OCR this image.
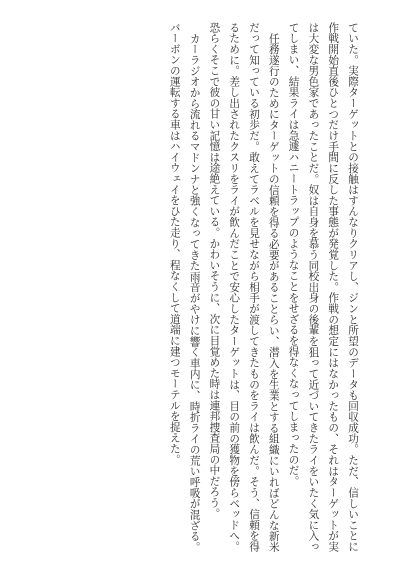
ていた。実際ターゲットとの接触はすんなりクリアし、ジンと所望のデータも回収成功。ただ、信しいことに作戦開始直後ひとつだけ手間に反した事態が発覚した。作戦の想定にはなかったもの、それはターゲットが実は大変な男色家であったことだ。奴は自身を慕う同校出身の後輩を狙って近づいてきたライをいたく気に入ってしまい、結果ライは急遽ハニートラップのようなことをせざるを得なくなってしまったのだ。

任務遂行のためにターゲットの信頼を得る必要があることらい、潜入を生業とする組織にいればどんな新米だって知っている初歩だ。敢えてラベルを見せながら相手が渡してきたものをライは飲んだ。そう、信頼を得るために。差し出されたクスリをライが飲んだことで安心したターゲットは、目の前の獲物を傍らベッドへ。恐らくそこで彼の甘い記憶は途絶えている。かわいそうに、次に目覚めた時は連邦捜査局の中だろう。

カーラジオから流れるマドンナと強くなってきた雨音がやけに響く車内に、時折ライの荒い呼吸が混ざる。バーボンの運転する車はハイウェイをひた走り、程なくして道端に建つモーテルを捉えた。
